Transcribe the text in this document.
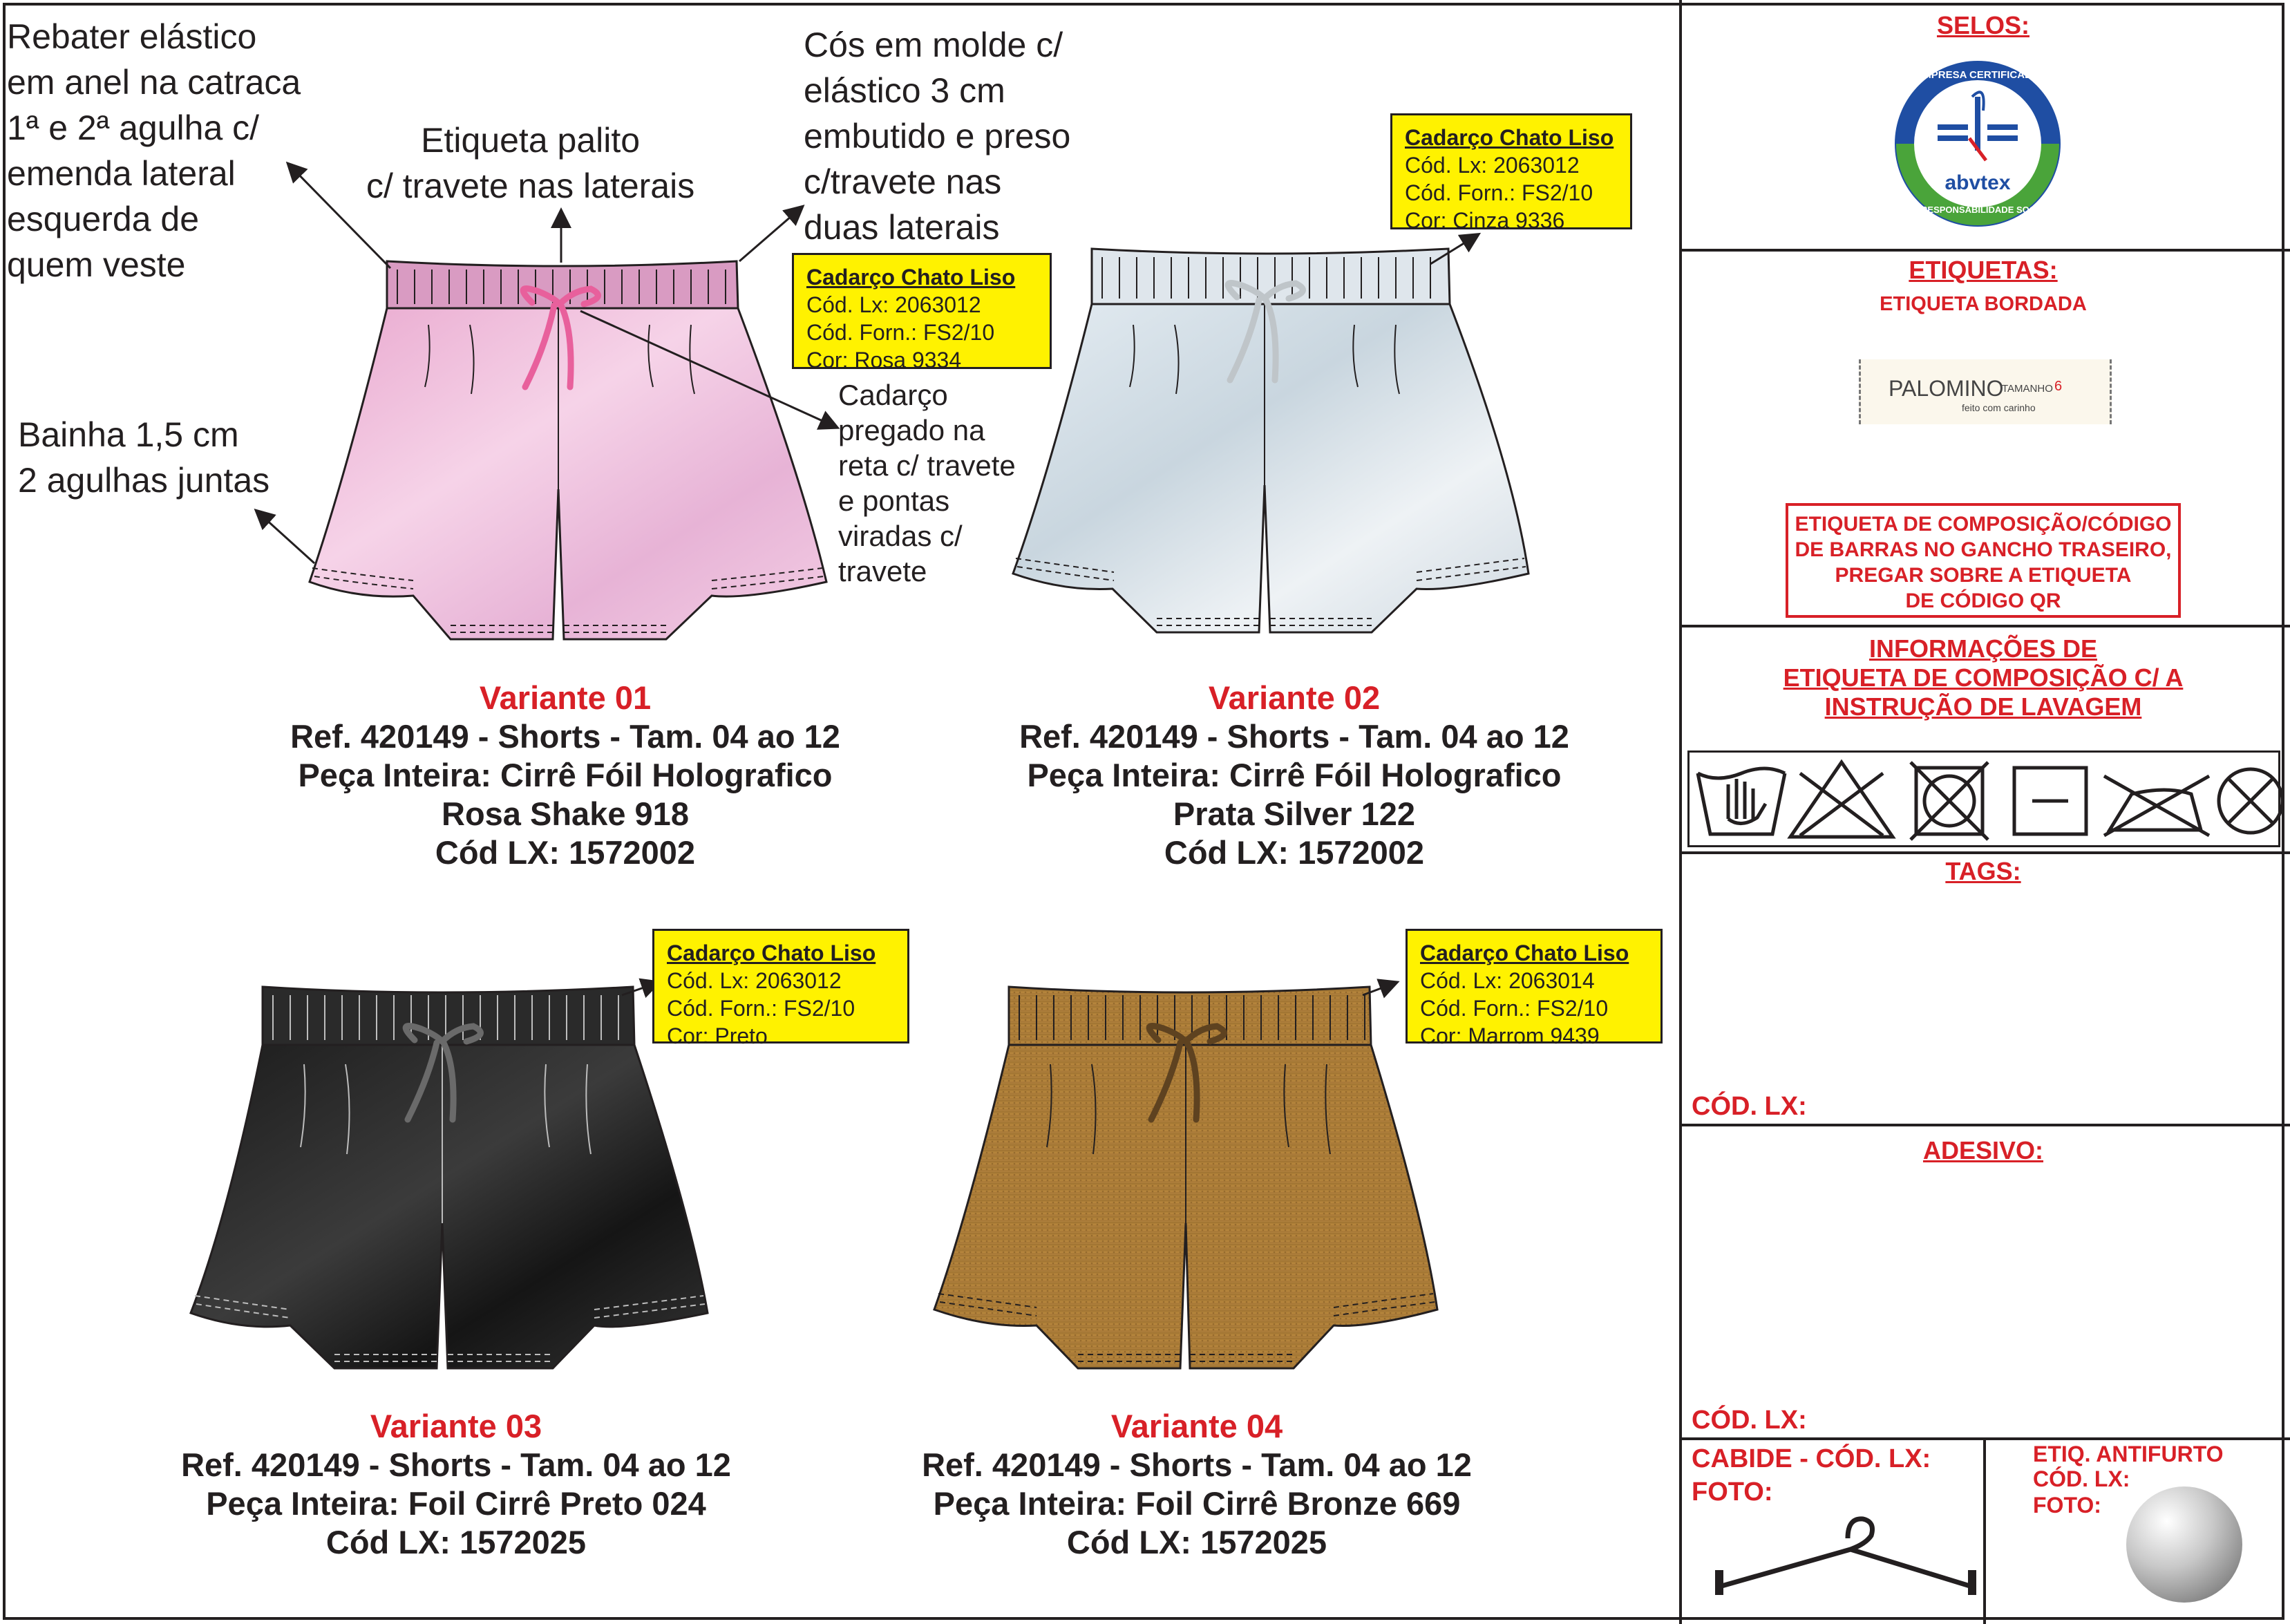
Rebater elástico
em anel na catraca
1ª e 2ª agulha c/
emenda lateral
esquerda de
quem veste
Etiqueta palito
c/ travete nas laterais
Cós em molde c/
elástico 3 cm
embutido e preso
c/travete nas
duas laterais
Bainha 1,5 cm
2 agulhas juntas
Cadarço
pregado na
reta c/ travete
e pontas
viradas c/
travete
Cadarço Chato Liso
Cód. Lx: 2063012
Cód. Forn.: FS2/10
Cor: Rosa 9334
Cadarço Chato Liso
Cód. Lx: 2063012
Cód. Forn.: FS2/10
Cor: Cinza 9336
Cadarço Chato Liso
Cód. Lx: 2063012
Cód. Forn.: FS2/10
Cor: Preto
Cadarço Chato Liso
Cód. Lx: 2063014
Cód. Forn.: FS2/10
Cor: Marrom 9439
Variante 01
Ref. 420149 - Shorts - Tam. 04 ao 12
Peça Inteira: Cirrê Fóil Holografico
Rosa Shake 918
Cód LX: 1572002
Variante 02
Ref. 420149 - Shorts - Tam. 04 ao 12
Peça Inteira: Cirrê Fóil Holografico
Prata Silver 122
Cód LX: 1572002
Variante 03
Ref. 420149 - Shorts - Tam. 04 ao 12
Peça Inteira: Foil Cirrê Preto 024
Cód LX: 1572025
Variante 04
Ref. 420149 - Shorts - Tam. 04 ao 12
Peça Inteira: Foil Cirrê Bronze 669
Cód LX: 1572025
SELOS:
abvtex
EMPRESA CERTIFICADA
EM RESPONSABILIDADE SOCIAL
ETIQUETAS:
ETIQUETA BORDADA
PALOMINO
TAMANHO 6
feito com carinho
ETIQUETA DE COMPOSIÇÃO/CÓDIGO
DE BARRAS NO GANCHO TRASEIRO,
PREGAR SOBRE A ETIQUETA
DE CÓDIGO QR
INFORMAÇÕES DE
ETIQUETA DE COMPOSIÇÃO C/ A
INSTRUÇÃO DE LAVAGEM
TAGS:
CÓD. LX:
ADESIVO:
CÓD. LX:
CABIDE - CÓD. LX:
FOTO:
ETIQ. ANTIFURTO
CÓD. LX:
FOTO:
